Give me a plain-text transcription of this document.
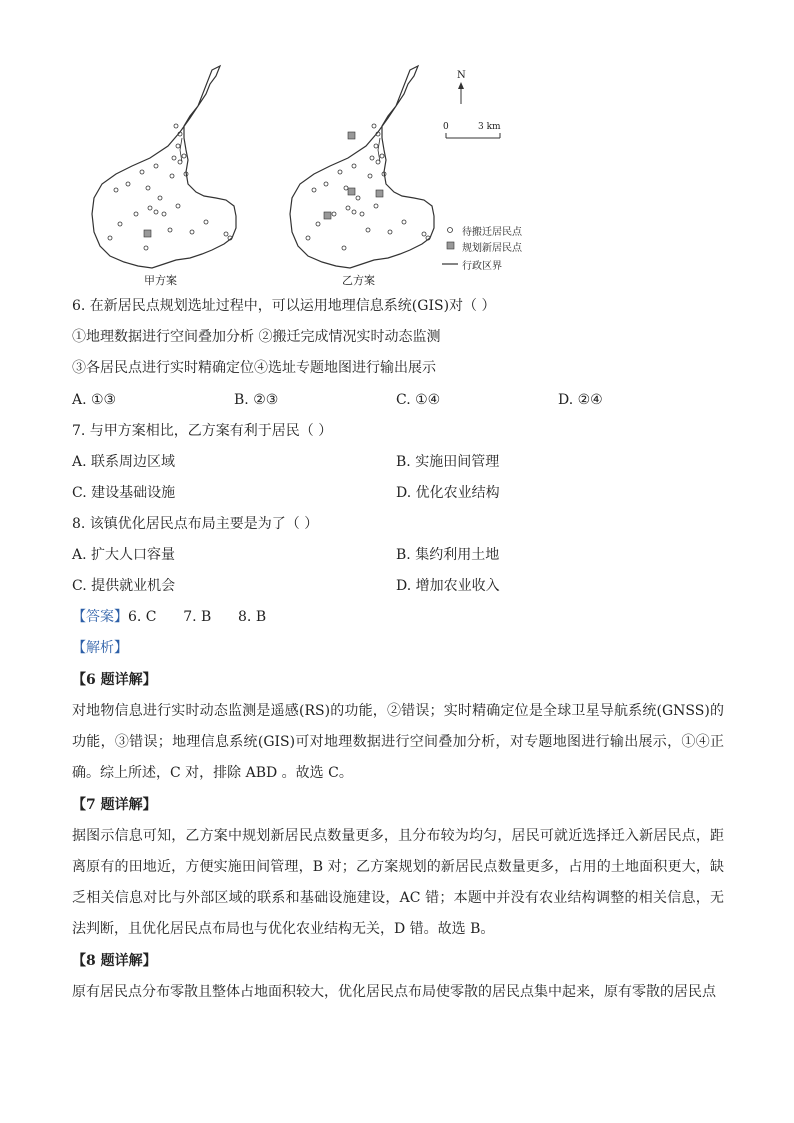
N
0	3 km
待搬迁居民点
规划新居民点
行政区界
甲方案	乙方案
6. 在新居民点规划选址过程中，可以运用地理信息系统(GIS)对（ ）
①地理数据进行空间叠加分析 ②搬迁完成情况实时动态监测
③各居民点进行实时精确定位④选址专题地图进行输出展示
A. ①③	B. ②③	C. ①④	D. ②④
7. 与甲方案相比，乙方案有利于居民（ ）
A. 联系周边区域	B. 实施田间管理
C. 建设基础设施	D. 优化农业结构
8. 该镇优化居民点布局主要是为了（ ）
A. 扩大人口容量	B. 集约利用土地
C. 提供就业机会	D. 增加农业收入
【答案】6. C      7. B      8. B
【解析】
【6 题详解】
对地物信息进行实时动态监测是遥感(RS)的功能，②错误；实时精确定位是全球卫星导航系统(GNSS)的功能，③错误；地理信息系统(GIS)可对地理数据进行空间叠加分析，对专题地图进行输出展示，①④正确。综上所述，C 对，排除 ABD 。故选 C。
【7 题详解】
据图示信息可知，乙方案中规划新居民点数量更多，且分布较为均匀，居民可就近选择迁入新居民点，距离原有的田地近，方便实施田间管理，B 对；乙方案规划的新居民点数量更多，占用的土地面积更大，缺乏相关信息对比与外部区域的联系和基础设施建设，AC 错；本题中并没有农业结构调整的相关信息，无法判断，且优化居民点布局也与优化农业结构无关，D 错。故选 B。
【8 题详解】
原有居民点分布零散且整体占地面积较大，优化居民点布局使零散的居民点集中起来，原有零散的居民点
